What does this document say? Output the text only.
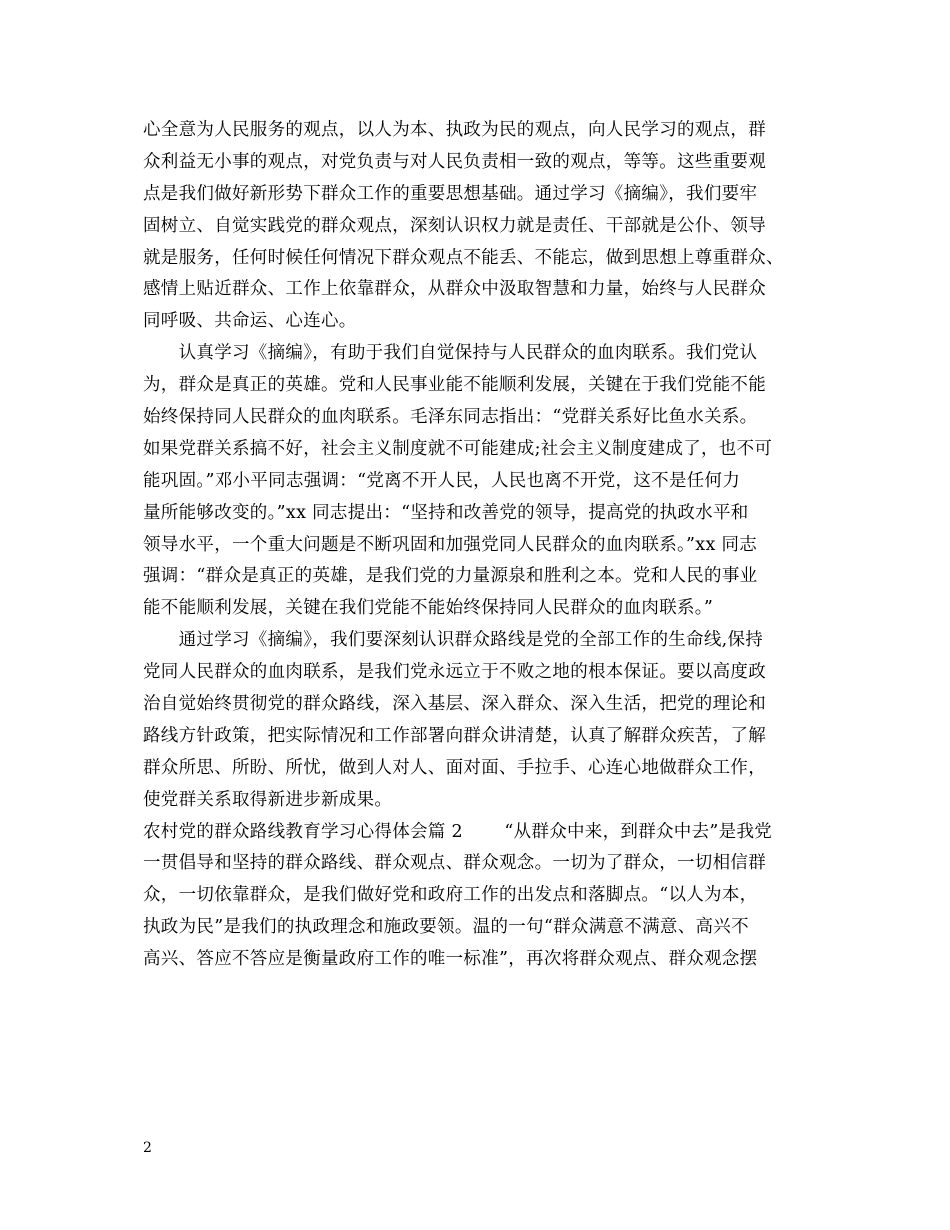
心全意为人民服务的观点，以人为本、执政为民的观点，向人民学习的观点，群
众利益无小事的观点，对党负责与对人民负责相一致的观点，等等。这些重要观
点是我们做好新形势下群众工作的重要思想基础。通过学习《摘编》，我们要牢
固树立、自觉实践党的群众观点，深刻认识权力就是责任、干部就是公仆、领导
就是服务，任何时候任何情况下群众观点不能丢、不能忘，做到思想上尊重群众、
感情上贴近群众、工作上依靠群众，从群众中汲取智慧和力量，始终与人民群众
同呼吸、共命运、心连心。
　　认真学习《摘编》，有助于我们自觉保持与人民群众的血肉联系。我们党认
为，群众是真正的英雄。党和人民事业能不能顺利发展，关键在于我们党能不能
始终保持同人民群众的血肉联系。毛泽东同志指出：“党群关系好比鱼水关系。
如果党群关系搞不好，社会主义制度就不可能建成;社会主义制度建成了，也不可
能巩固。”邓小平同志强调：“党离不开人民，人民也离不开党，这不是任何力
量所能够改变的。”xx 同志提出：“坚持和改善党的领导，提高党的执政水平和
领导水平，一个重大问题是不断巩固和加强党同人民群众的血肉联系。”xx 同志
强调：“群众是真正的英雄，是我们党的力量源泉和胜利之本。党和人民的事业
能不能顺利发展，关键在我们党能不能始终保持同人民群众的血肉联系。”
　　通过学习《摘编》，我们要深刻认识群众路线是党的全部工作的生命线,保持
党同人民群众的血肉联系，是我们党永远立于不败之地的根本保证。要以高度政
治自觉始终贯彻党的群众路线，深入基层、深入群众、深入生活，把党的理论和
路线方针政策，把实际情况和工作部署向群众讲清楚，认真了解群众疾苦，了解
群众所思、所盼、所忧，做到人对人、面对面、手拉手、心连心地做群众工作，
使党群关系取得新进步新成果。
农村党的群众路线教育学习心得体会篇 2　　 “从群众中来，到群众中去”是我党
一贯倡导和坚持的群众路线、群众观点、群众观念。一切为了群众，一切相信群
众，一切依靠群众，是我们做好党和政府工作的出发点和落脚点。“以人为本，
执政为民”是我们的执政理念和施政要领。温的一句“群众满意不满意、高兴不
高兴、答应不答应是衡量政府工作的唯一标准”，再次将群众观点、群众观念摆
2
